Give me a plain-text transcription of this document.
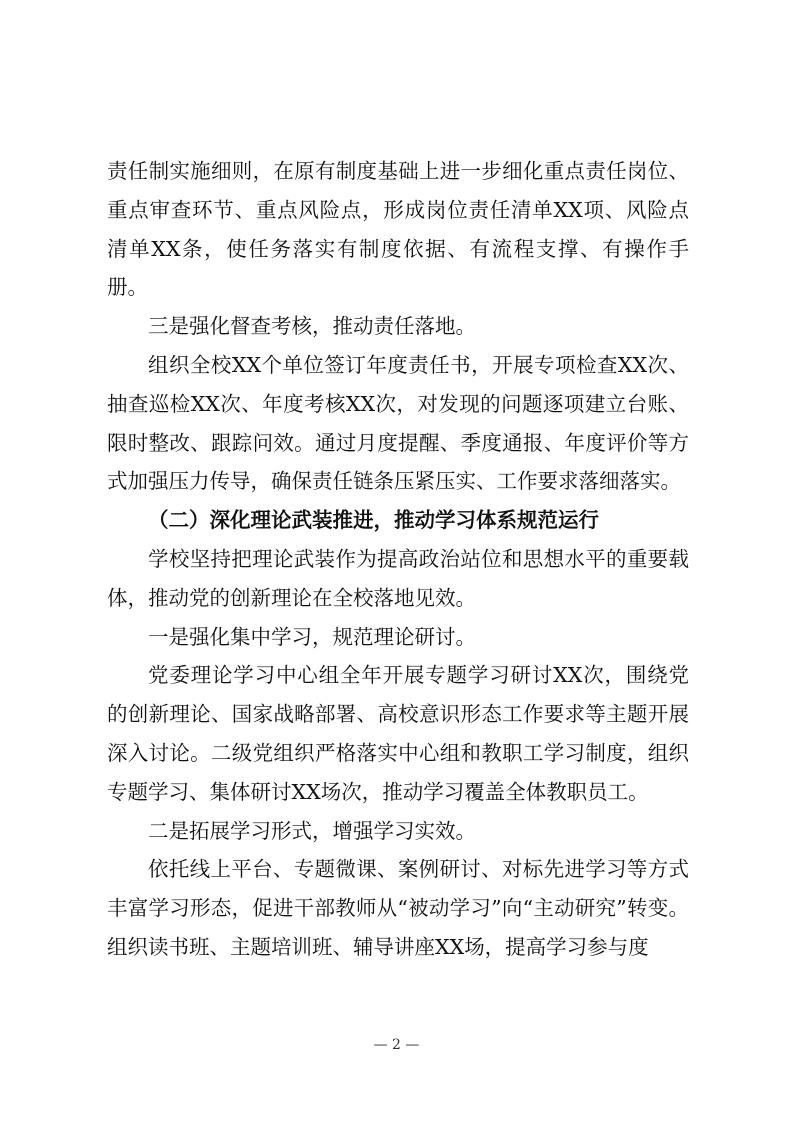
责任制实施细则，在原有制度基础上进一步细化重点责任岗位、重点审查环节、重点风险点，形成岗位责任清单XX项、风险点清单XX条，使任务落实有制度依据、有流程支撑、有操作手册。

三是强化督查考核，推动责任落地。

组织全校XX个单位签订年度责任书，开展专项检查XX次、抽查巡检XX次、年度考核XX次，对发现的问题逐项建立台账、限时整改、跟踪问效。通过月度提醒、季度通报、年度评价等方式加强压力传导，确保责任链条压紧压实、工作要求落细落实。

（二）深化理论武装推进，推动学习体系规范运行

学校坚持把理论武装作为提高政治站位和思想水平的重要载体，推动党的创新理论在全校落地见效。

一是强化集中学习，规范理论研讨。

党委理论学习中心组全年开展专题学习研讨XX次，围绕党的创新理论、国家战略部署、高校意识形态工作要求等主题开展深入讨论。二级党组织严格落实中心组和教职工学习制度，组织专题学习、集体研讨XX场次，推动学习覆盖全体教职员工。

二是拓展学习形式，增强学习实效。

依托线上平台、专题微课、案例研讨、对标先进学习等方式丰富学习形态，促进干部教师从“被动学习”向“主动研究”转变。组织读书班、主题培训班、辅导讲座XX场，提高学习参与度

— 2 —
